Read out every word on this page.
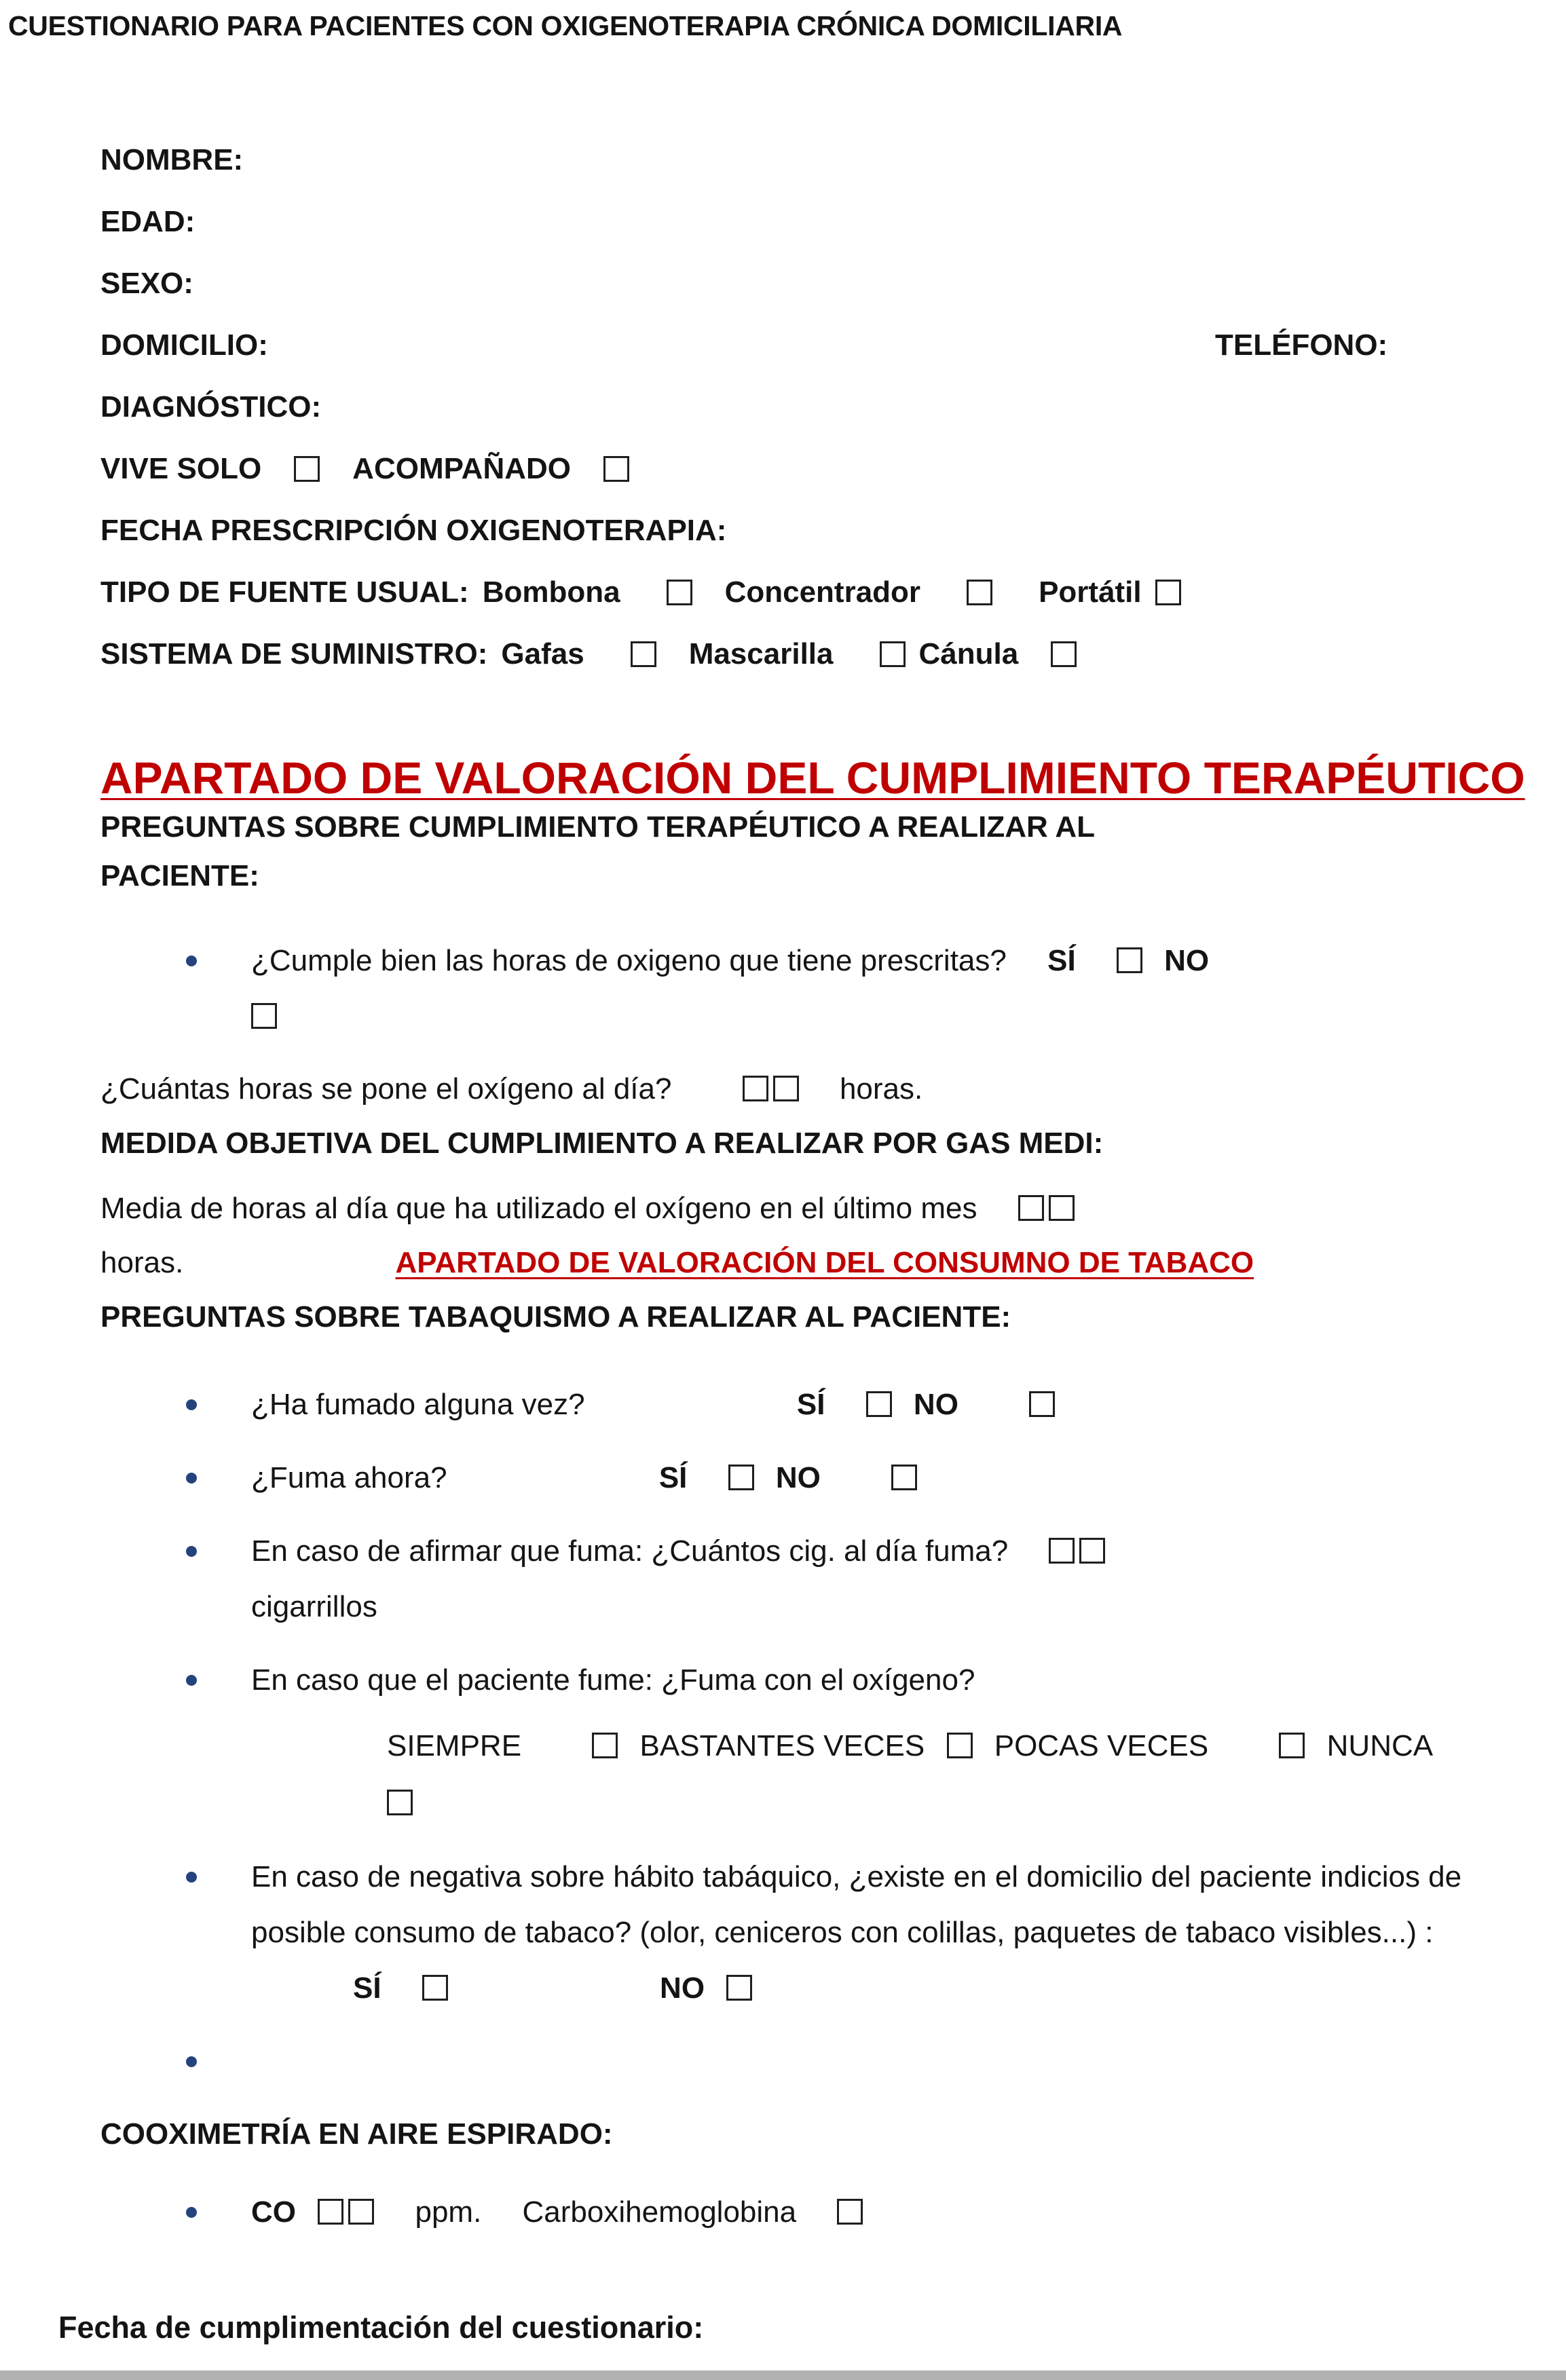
CUESTIONARIO PARA PACIENTES CON OXIGENOTERAPIA CRÓNICA DOMICILIARIA
NOMBRE:
EDAD:
SEXO:
DOMICILIO:	TELÉFONO:
DIAGNÓSTICO:
VIVE SOLO	ACOMPAÑADO
FECHA PRESCRIPCIÓN OXIGENOTERAPIA:
TIPO DE FUENTE USUAL: Bombona	Concentrador	Portátil
SISTEMA DE SUMINISTRO: Gafas	Mascarilla	Cánula
APARTADO DE VALORACIÓN DEL CUMPLIMIENTO TERAPÉUTICO

PREGUNTAS SOBRE CUMPLIMIENTO TERAPÉUTICO A REALIZAR AL PACIENTE:

¿Cumple bien las horas de oxigeno que tiene prescritas? SÍ	NO

¿Cuántas horas se pone el oxígeno al día?	horas.

MEDIDA OBJETIVA DEL CUMPLIMIENTO A REALIZAR POR GAS MEDI:

Media de horas al día que ha utilizado el oxígeno en el último mes

horas.	APARTADO DE VALORACIÓN DEL CONSUMNO DE TABACO

PREGUNTAS SOBRE TABAQUISMO A REALIZAR AL PACIENTE:

¿Ha fumado alguna vez?	SÍ	NO
¿Fuma ahora?	SÍ	NO
En caso de afirmar que fuma: ¿Cuántos cig. al día fuma?
cigarrillos
En caso que el paciente fume: ¿Fuma con el oxígeno?
SIEMPRE	BASTANTES VECES POCAS VECES	NUNCA

En caso de negativa sobre hábito tabáquico, ¿existe en el domicilio del paciente indicios de posible consumo de tabaco? (olor, ceniceros con colillas, paquetes de tabaco visibles...) : SÍ	NO

COOXIMETRÍA EN AIRE ESPIRADO:

CO	ppm. Carboxihemoglobina
Fecha de cumplimentación del cuestionario:
